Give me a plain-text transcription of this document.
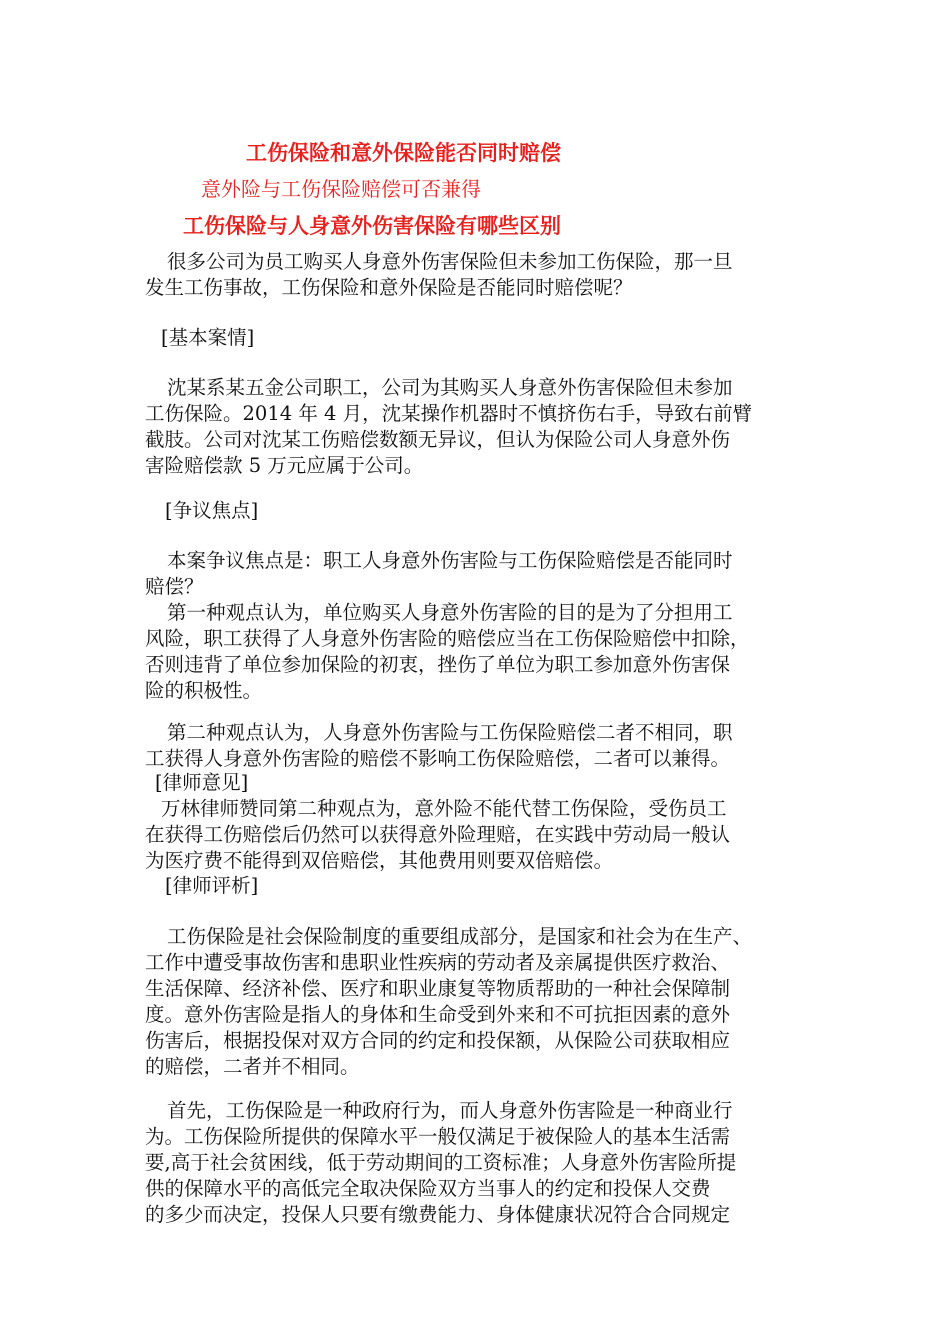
工伤保险和意外保险能否同时赔偿
意外险与工伤保险赔偿可否兼得
工伤保险与人身意外伤害保险有哪些区别

很多公司为员工购买人身意外伤害保险但未参加工伤保险，那一旦
发生工伤事故，工伤保险和意外保险是否能同时赔偿呢？

[基本案情]

沈某系某五金公司职工，公司为其购买人身意外伤害保险但未参加
工伤保险。2014 年 4 月，沈某操作机器时不慎挤伤右手，导致右前臂
截肢。公司对沈某工伤赔偿数额无异议，但认为保险公司人身意外伤
害险赔偿款 5 万元应属于公司。

[争议焦点]

本案争议焦点是：职工人身意外伤害险与工伤保险赔偿是否能同时
赔偿？
第一种观点认为，单位购买人身意外伤害险的目的是为了分担用工
风险，职工获得了人身意外伤害险的赔偿应当在工伤保险赔偿中扣除，
否则违背了单位参加保险的初衷，挫伤了单位为职工参加意外伤害保
险的积极性。

第二种观点认为，人身意外伤害险与工伤保险赔偿二者不相同，职
工获得人身意外伤害险的赔偿不影响工伤保险赔偿，二者可以兼得。

[律师意见]

万林律师赞同第二种观点为，意外险不能代替工伤保险，受伤员工
在获得工伤赔偿后仍然可以获得意外险理赔，在实践中劳动局一般认
为医疗费不能得到双倍赔偿，其他费用则要双倍赔偿。

[律师评析]

工伤保险是社会保险制度的重要组成部分，是国家和社会为在生产、
工作中遭受事故伤害和患职业性疾病的劳动者及亲属提供医疗救治、
生活保障、经济补偿、医疗和职业康复等物质帮助的一种社会保障制
度。意外伤害险是指人的身体和生命受到外来和不可抗拒因素的意外
伤害后，根据投保对双方合同的约定和投保额，从保险公司获取相应
的赔偿，二者并不相同。

首先，工伤保险是一种政府行为，而人身意外伤害险是一种商业行
为。工伤保险所提供的保障水平一般仅满足于被保险人的基本生活需
要,高于社会贫困线，低于劳动期间的工资标准；人身意外伤害险所提
供的保障水平的高低完全取决保险双方当事人的约定和投保人交费
的多少而决定，投保人只要有缴费能力、身体健康状况符合合同规定
